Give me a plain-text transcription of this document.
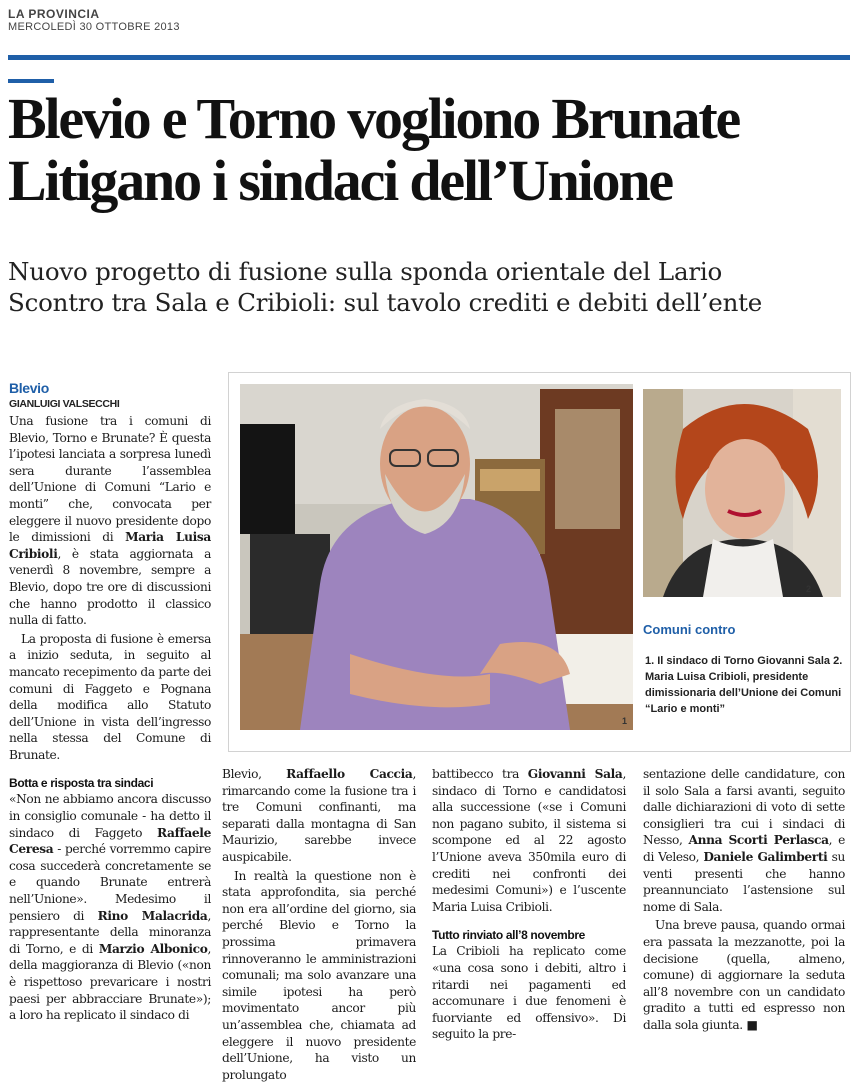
LA PROVINCIA
MERCOLEDÌ 30 OTTOBRE 2013
Blevio e Torno vogliono Brunate
Litigano i sindaci dell’Unione
Nuovo progetto di fusione sulla sponda orientale del Lario
Scontro tra Sala e Cribioli: sul tavolo crediti e debiti dell’ente
Blevio
GIANLUIGI VALSECCHI

Una fusione tra i comuni di Blevio, Torno e Brunate? È questa l’ipotesi lanciata a sorpresa lunedì sera durante l’assemblea dell’Unione di Comuni “Lario e monti” che, convocata per eleggere il nuovo presidente dopo le dimissioni di Maria Luisa Cribioli, è stata aggiornata a venerdì 8 novembre, sempre a Blevio, dopo tre ore di discussioni che hanno prodotto il classico nulla di fatto.

La proposta di fusione è emersa a inizio seduta, in seguito al mancato recepimento da parte dei comuni di Faggeto e Pognana della modifica allo Statuto dell’Unione in vista dell’ingresso nella stessa del Comune di Brunate.

Botta e risposta tra sindaci

«Non ne abbiamo ancora discusso in consiglio comunale - ha detto il sindaco di Faggeto Raffaele Ceresa - perché vorremmo capire cosa succederà concretamente se e quando Brunate entrerà nell’Unione». Medesimo il pensiero di Rino Malacrida, rappresentante della minoranza di Torno, e di Marzio Albonico, della maggioranza di Blevio («non è rispettoso prevaricare i nostri paesi per abbracciare Brunate»); a loro ha replicato il sindaco di

1
2
Comuni contro
1. Il sindaco di Torno Giovanni Sala 2. Maria Luisa Cribioli, presidente dimissionaria dell’Unione dei Comuni “Lario e monti”

Blevio, Raffaello Caccia, rimarcando come la fusione tra i tre Comuni confinanti, ma separati dalla montagna di San Maurizio, sarebbe invece auspicabile.

In realtà la questione non è stata approfondita, sia perché non era all’ordine del giorno, sia perché Blevio e Torno la prossima primavera rinnoveranno le amministrazioni comunali; ma solo avanzare una simile ipotesi ha però movimentato ancor più un’assemblea che, chiamata ad eleggere il nuovo presidente dell’Unione, ha visto un prolungato

battibecco tra Giovanni Sala, sindaco di Torno e candidatosi alla successione («se i Comuni non pagano subito, il sistema si scompone ed al 22 agosto l’Unione aveva 350mila euro di crediti nei confronti dei medesimi Comuni») e l’uscente Maria Luisa Cribioli.

Tutto rinviato all’8 novembre

La Cribioli ha replicato come «una cosa sono i debiti, altro i ritardi nei pagamenti ed accomunare i due fenomeni è fuorviante ed offensivo». Di seguito la pre-

sentazione delle candidature, con il solo Sala a farsi avanti, seguito dalle dichiarazioni di voto di sette consiglieri tra cui i sindaci di Nesso, Anna Scorti Perlasca, e di Veleso, Daniele Galimberti su venti presenti che hanno preannunciato l’astensione sul nome di Sala.

Una breve pausa, quando ormai era passata la mezzanotte, poi la decisione (quella, almeno, comune) di aggiornare la seduta all’8 novembre con un candidato gradito a tutti ed espresso non dalla sola giunta. ■
